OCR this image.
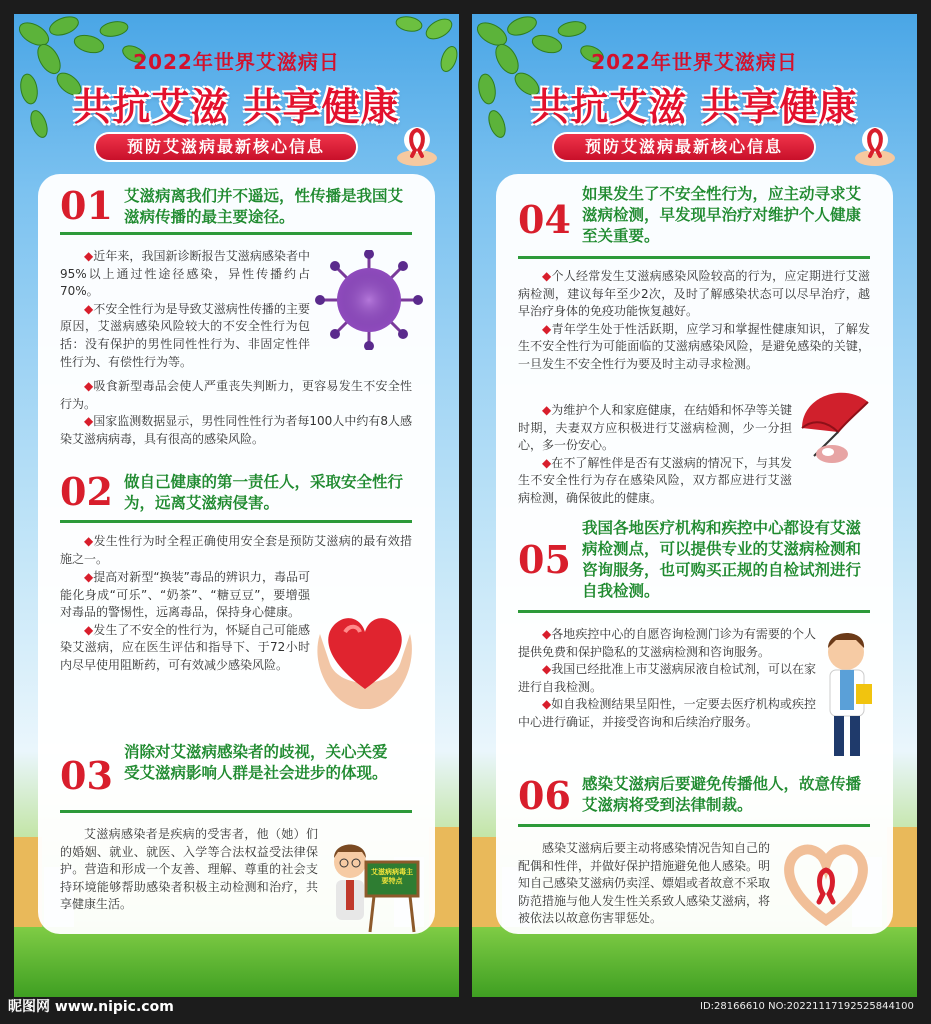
2022年世界艾滋病日
共抗艾滋 共享健康
预防艾滋病最新核心信息
01 艾滋病离我们并不遥远，性传播是我国艾滋病传播的最主要途径。

◆近年来，我国新诊断报告艾滋病感染者中95%以上通过性途径感染，异性传播约占70%。

◆不安全性行为是导致艾滋病性传播的主要原因，艾滋病感染风险较大的不安全性行为包括：没有保护的男性同性性行为、非固定性伴性行为、有偿性行为等。

◆吸食新型毒品会使人严重丧失判断力，更容易发生不安全性行为。

◆国家监测数据显示，男性同性性行为者每100人中约有8人感染艾滋病病毒，具有很高的感染风险。

02 做自己健康的第一责任人，采取安全性行为，远离艾滋病侵害。

◆发生性行为时全程正确使用安全套是预防艾滋病的最有效措施之一。

◆提高对新型“换装”毒品的辨识力，毒品可能化身成“可乐”、“奶茶”、“糖豆豆”，要增强对毒品的警惕性，远离毒品，保持身心健康。

◆发生了不安全的性行为，怀疑自己可能感染艾滋病，应在医生评估和指导下、于72小时内尽早使用阻断药，可有效减少感染风险。

03
消除对艾滋病感染者的歧视，关心关爱受艾滋病影响人群是社会进步的体现。

艾滋病感染者是疾病的受害者，他（她）们的婚姻、就业、就医、入学等合法权益受法律保护。营造和形成一个友善、理解、尊重的社会支持环境能够帮助感染者积极主动检测和治疗，共享健康生活。

艾滋病病毒主要特点
2022年世界艾滋病日
共抗艾滋 共享健康
预防艾滋病最新核心信息
04
如果发生了不安全性行为，应主动寻求艾滋病检测，早发现早治疗对维护个人健康至关重要。

◆个人经常发生艾滋病感染风险较高的行为，应定期进行艾滋病检测，建议每年至少2次，及时了解感染状态可以尽早治疗，越早治疗身体的免疫功能恢复越好。

◆青年学生处于性活跃期，应学习和掌握性健康知识，了解发生不安全性行为可能面临的艾滋病感染风险，是避免感染的关键，一旦发生不安全性行为要及时主动寻求检测。

◆为维护个人和家庭健康，在结婚和怀孕等关键时期，夫妻双方应积极进行艾滋病检测，少一分担心，多一份安心。

◆在不了解性伴是否有艾滋病的情况下，与其发生不安全性行为存在感染风险，双方都应进行艾滋病检测，确保彼此的健康。

05
我国各地医疗机构和疾控中心都设有艾滋病检测点，可以提供专业的艾滋病检测和咨询服务，也可购买正规的自检试剂进行自我检测。

◆各地疾控中心的自愿咨询检测门诊为有需要的个人提供免费和保护隐私的艾滋病检测和咨询服务。

◆我国已经批准上市艾滋病尿液自检试剂，可以在家进行自我检测。

◆如自我检测结果呈阳性，一定要去医疗机构或疾控中心进行确证，并接受咨询和后续治疗服务。

06 感染艾滋病后要避免传播他人，故意传播艾滋病将受到法律制裁。

感染艾滋病后要主动将感染情况告知自己的配偶和性伴，并做好保护措施避免他人感染。明知自己感染艾滋病仍卖淫、嫖娼或者故意不采取防范措施与他人发生性关系致人感染艾滋病，将被依法以故意伤害罪惩处。

昵图网 www.nipic.com	ID:28166610 NO:20221117192525844100
